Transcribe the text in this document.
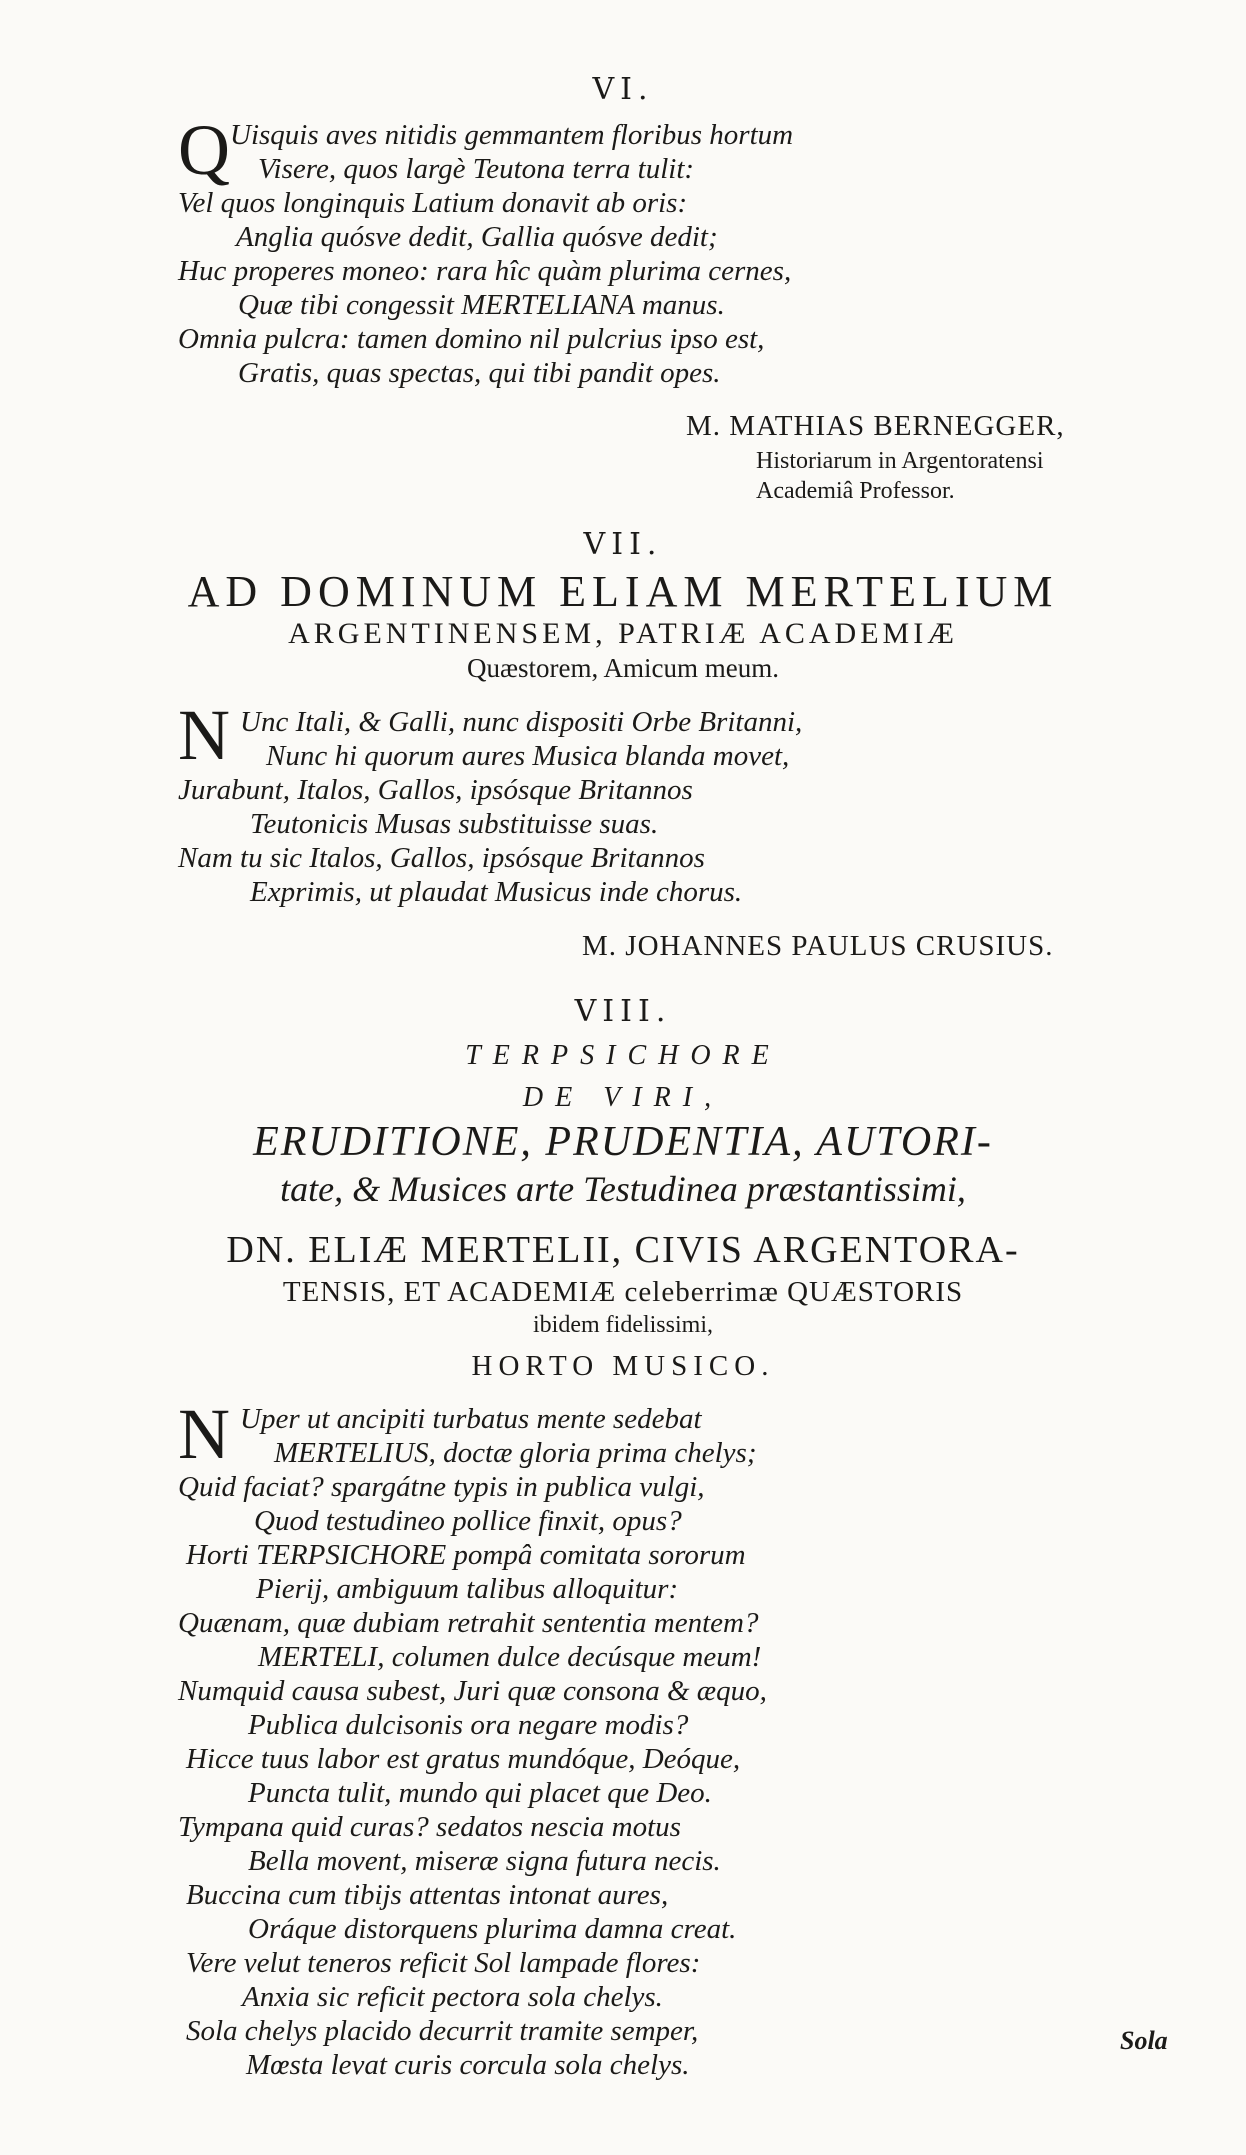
VI.
Q Uisquis aves nitidis gemmantem floribus hortum
Visere, quos largè Teutona terra tulit:
Vel quos longinquis Latium donavit ab oris:
Anglia quósve dedit, Gallia quósve dedit;
Huc properes moneo: rara hîc quàm plurima cernes,
Quæ tibi congessit MERTELIANA manus.
Omnia pulcra: tamen domino nil pulcrius ipso est,
Gratis, quas spectas, qui tibi pandit opes.
M. MATHIAS BERNEGGER,
Historiarum in Argentoratensi
Academiâ Professor.
VII.
AD DOMINUM ELIAM MERTELIUM
ARGENTINENSEM, PATRIÆ ACADEMIÆ
Quæstorem, Amicum meum.
N Unc Itali, & Galli, nunc dispositi Orbe Britanni,
Nunc hi quorum aures Musica blanda movet,
Jurabunt, Italos, Gallos, ipsósque Britannos
Teutonicis Musas substituisse suas.
Nam tu sic Italos, Gallos, ipsósque Britannos
Exprimis, ut plaudat Musicus inde chorus.
M. JOHANNES PAULUS CRUSIUS.
VIII.
TERPSICHORE
DE VIRI,
ERUDITIONE, PRUDENTIA, AUTORI-
tate, & Musices arte Testudinea præstantissimi,
DN. ELIÆ MERTELII, CIVIS ARGENTORA-
TENSIS, ET ACADEMIÆ celeberrimæ QUÆSTORIS
ibidem fidelissimi,
HORTO MUSICO.
N Uper ut ancipiti turbatus mente sedebat
MERTELIUS, doctæ gloria prima chelys;
Quid faciat? spargátne typis in publica vulgi,
Quod testudineo pollice finxit, opus?
Horti TERPSICHORE pompâ comitata sororum
Pierij, ambiguum talibus alloquitur:
Quænam, quæ dubiam retrahit sententia mentem?
MERTELI, columen dulce decúsque meum!
Numquid causa subest, Juri quæ consona & æquo,
Publica dulcisonis ora negare modis?
Hicce tuus labor est gratus mundóque, Deóque,
Puncta tulit, mundo qui placet que Deo.
Tympana quid curas? sedatos nescia motus
Bella movent, miseræ signa futura necis.
Buccina cum tibijs attentas intonat aures,
Oráque distorquens plurima damna creat.
Vere velut teneros reficit Sol lampade flores:
Anxia sic reficit pectora sola chelys.
Sola chelys placido decurrit tramite semper,
Mœsta levat curis corcula sola chelys.
Sola
